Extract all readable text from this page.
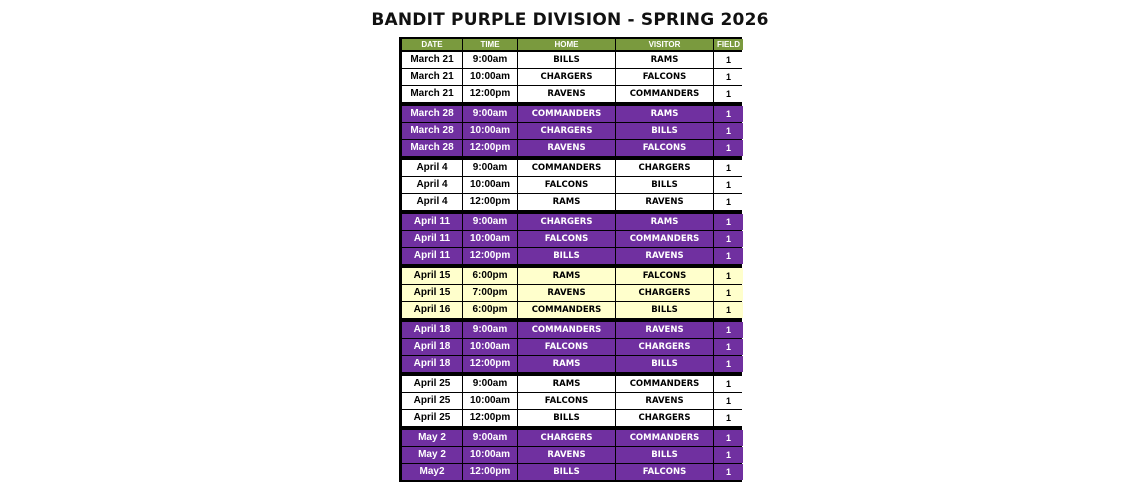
BANDIT PURPLE DIVISION - SPRING 2026
DATE	TIME	HOME	VISITOR	FIELD
March 21	9:00am	BILLS	RAMS	1
March 21	10:00am	CHARGERS	FALCONS	1
March 21	12:00pm	RAVENS	COMMANDERS	1
March 28	9:00am	COMMANDERS	RAMS	1
March 28	10:00am	CHARGERS	BILLS	1
March 28	12:00pm	RAVENS	FALCONS	1
April 4	9:00am	COMMANDERS	CHARGERS	1
April 4	10:00am	FALCONS	BILLS	1
April 4	12:00pm	RAMS	RAVENS	1
April 11	9:00am	CHARGERS	RAMS	1
April 11	10:00am	FALCONS	COMMANDERS	1
April 11	12:00pm	BILLS	RAVENS	1
April 15	6:00pm	RAMS	FALCONS	1
April 15	7:00pm	RAVENS	CHARGERS	1
April 16	6:00pm	COMMANDERS	BILLS	1
April 18	9:00am	COMMANDERS	RAVENS	1
April 18	10:00am	FALCONS	CHARGERS	1
April 18	12:00pm	RAMS	BILLS	1
April 25	9:00am	RAMS	COMMANDERS	1
April 25	10:00am	FALCONS	RAVENS	1
April 25	12:00pm	BILLS	CHARGERS	1
May 2	9:00am	CHARGERS	COMMANDERS	1
May 2	10:00am	RAVENS	BILLS	1
May2	12:00pm	BILLS	FALCONS	1
